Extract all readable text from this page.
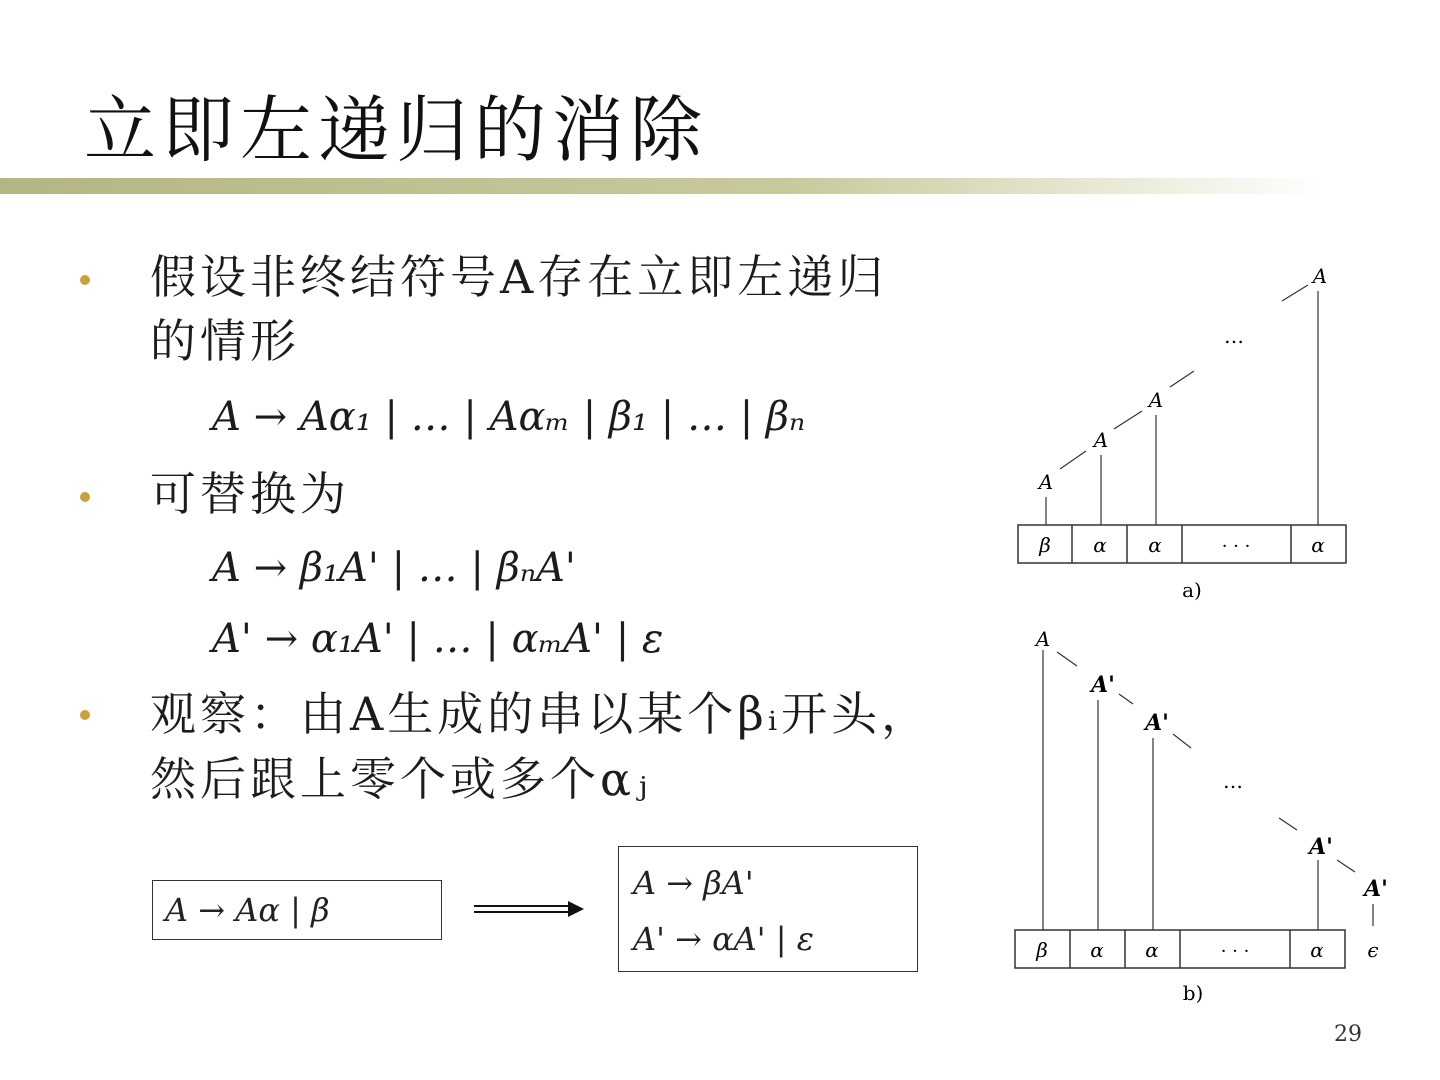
立即左递归的消除
假设非终结符号A存在立即左递归
的情形
A → Aα₁ | … | Aαₘ | β₁ | … | βₙ
可替换为
A → β₁A' | … | βₙA'
A' → α₁A' | … | αₘA' | ε
观察：由A生成的串以某个βᵢ开头，
然后跟上零个或多个αⱼ
A → Aα | β
A → βA'
A' → αA' | ε
β α α	· · ·	α
A
A
A
A
…
a)
β α α	· · ·	α ϵ
A
A'
A'
A'
A'
…
b)
29
